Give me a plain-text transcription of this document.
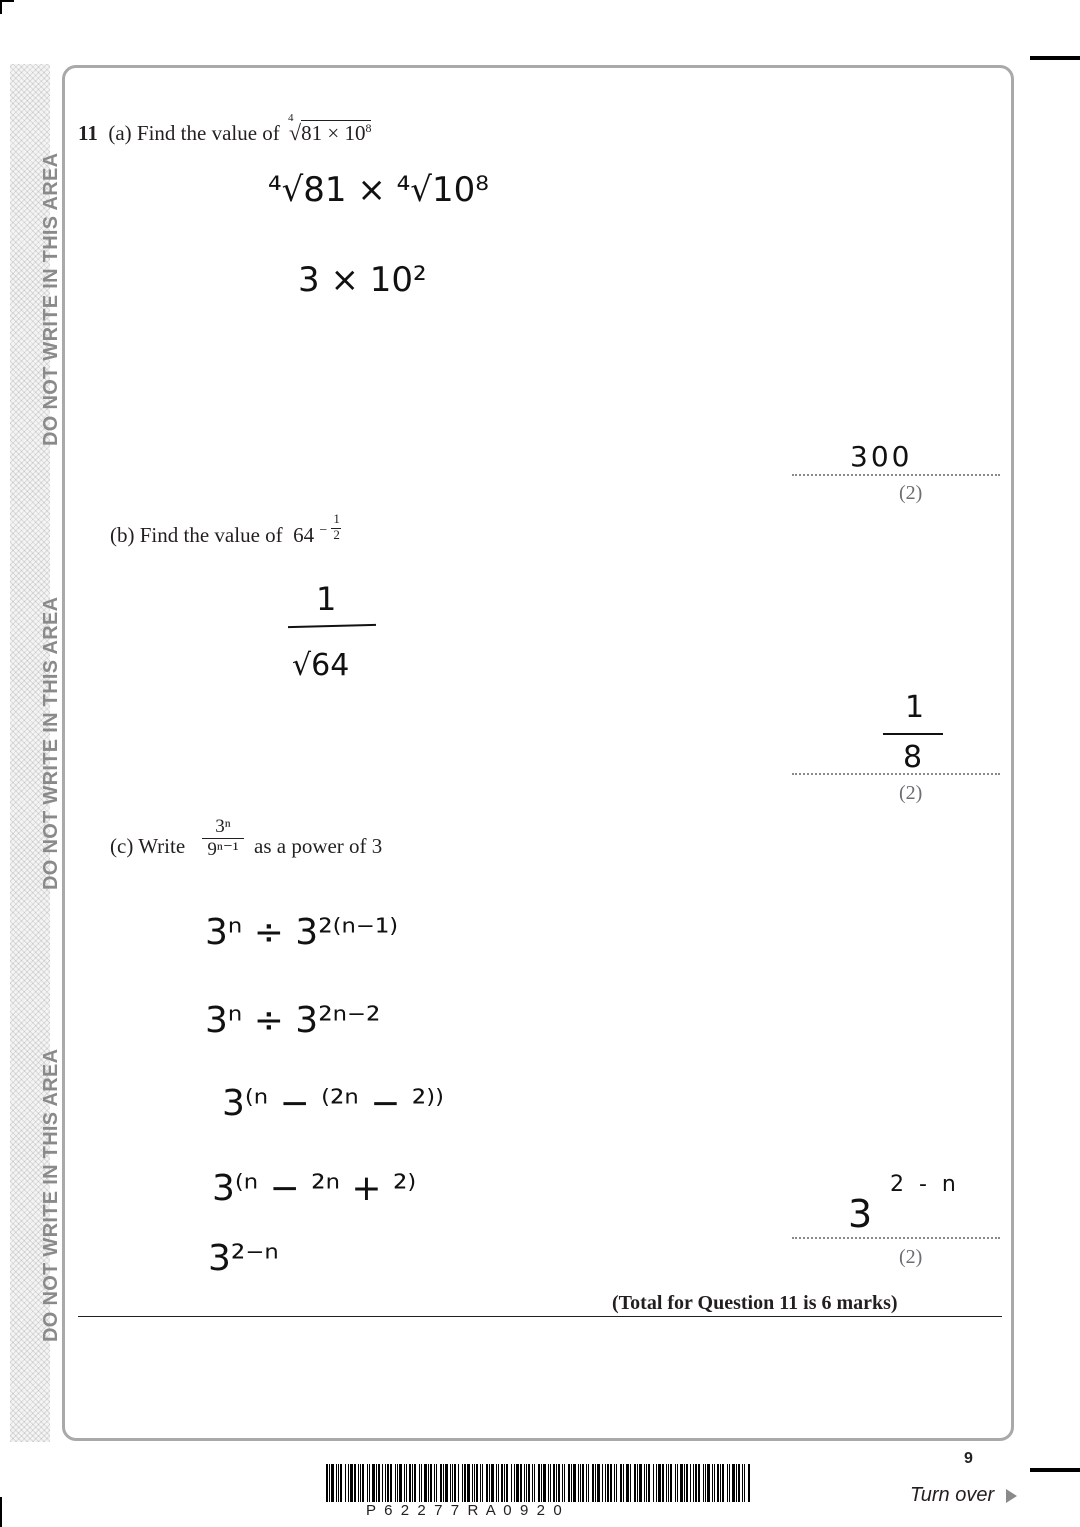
DO NOT WRITE IN THIS AREA
DO NOT WRITE IN THIS AREA
DO NOT WRITE IN THIS AREA
11 (a) Find the value of
4
$√81 \times 10^8$
⁴√81 × ⁴√10⁸
3 × 10²
300
(2)
(b) Find the value of 64 −
1
2
1
√64
1
8
(2)
(c) Write
3ⁿ
9ⁿ⁻¹ as a power of 3
3ⁿ ÷ 3²⁽ⁿ⁻¹⁾
3ⁿ ÷ 3²ⁿ⁻²
3⁽ⁿ − ⁽²ⁿ − ²⁾⁾
3⁽ⁿ − ²ⁿ + ²⁾
3²⁻ⁿ
3
2 - n
(2)
(Total for Question 11 is 6 marks)
9
Turn over
P  6  2  2  7  7  R  A  0  9  2  0
